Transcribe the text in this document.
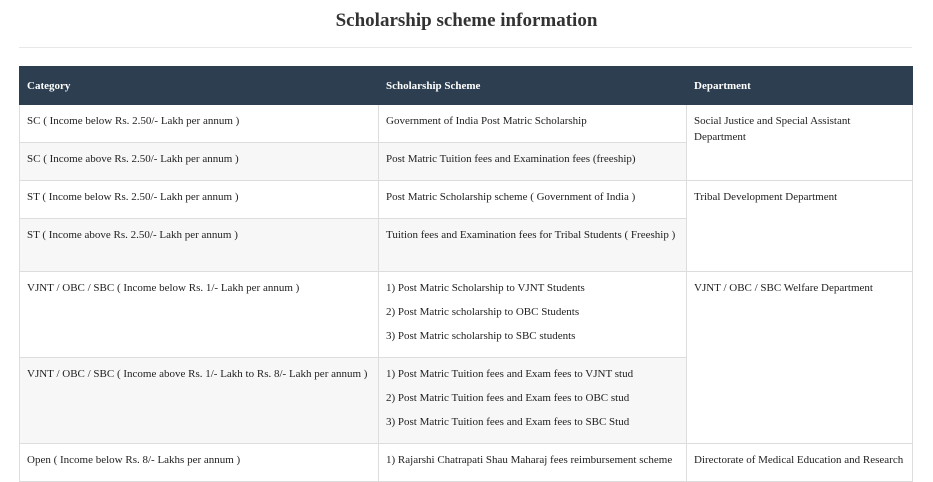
Scholarship scheme information
Category	Scholarship Scheme	Department
SC ( Income below Rs. 2.50/- Lakh per annum )	Government of India Post Matric Scholarship	Social Justice and Special Assistant Department
SC ( Income above Rs. 2.50/- Lakh per annum )	Post Matric Tuition fees and Examination fees (freeship)	

ST ( Income below Rs. 2.50/- Lakh per annum )	Post Matric Scholarship scheme ( Government of India )	Tribal Development Department
ST ( Income above Rs. 2.50/- Lakh per annum )	Tuition fees and Examination fees for Tribal Students ( Freeship )	

VJNT / OBC / SBC ( Income below Rs. 1/- Lakh per annum )	1) Post Matric Scholarship to VJNT Students
2) Post Matric scholarship to OBC Students
3) Post Matric scholarship to SBC students	VJNT / OBC / SBC Welfare Department
VJNT / OBC / SBC ( Income above Rs. 1/- Lakh to Rs. 8/- Lakh per annum )	1) Post Matric Tuition fees and Exam fees to VJNT stud
2) Post Matric Tuition fees and Exam fees to OBC stud
3) Post Matric Tuition fees and Exam fees to SBC Stud	

Open ( Income below Rs. 8/- Lakhs per annum )	1) Rajarshi Chatrapati Shau Maharaj fees reimbursement scheme	Directorate of Medical Education and Research
